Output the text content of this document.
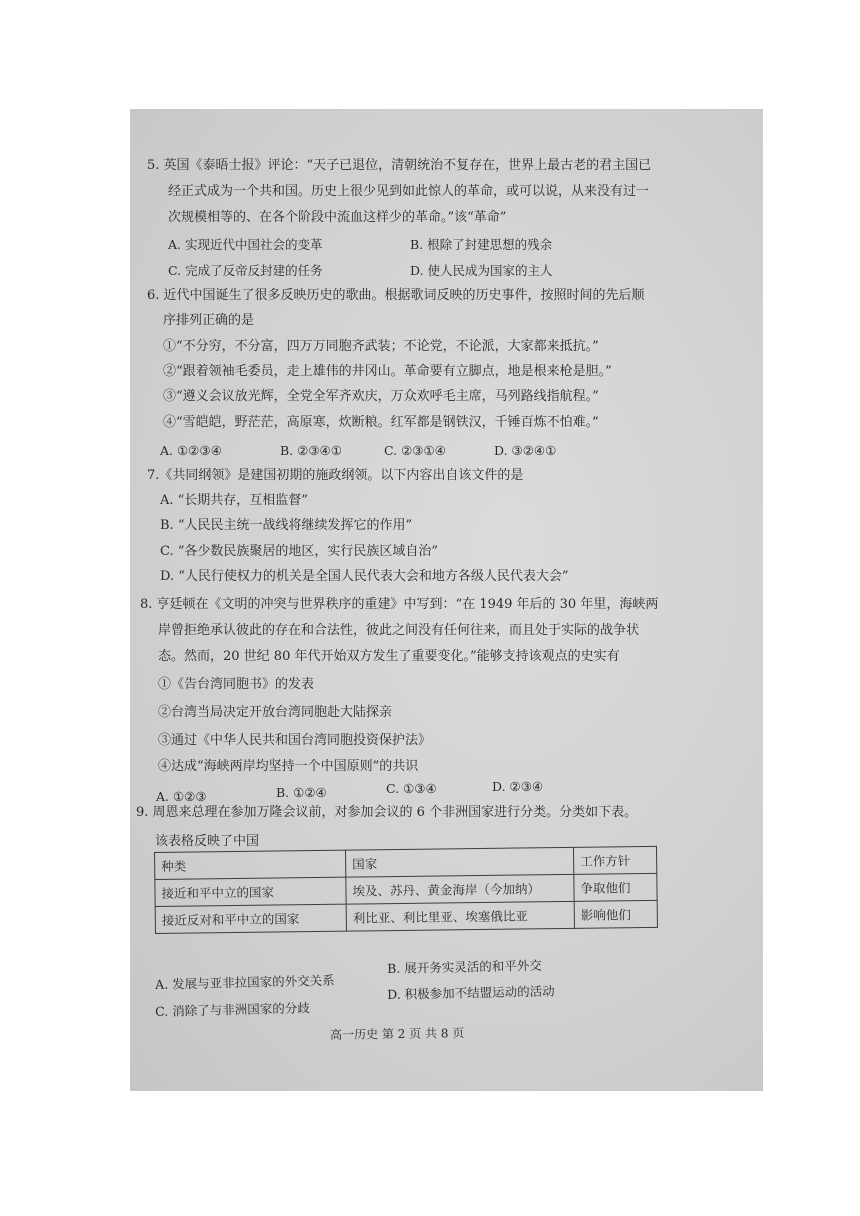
5. 英国《泰晤士报》评论：“天子已退位，清朝统治不复存在，世界上最古老的君主国已
经正式成为一个共和国。历史上很少见到如此惊人的革命，或可以说，从来没有过一
次规模相等的、在各个阶段中流血这样少的革命。”该“革命”
A. 实现近代中国社会的变革	B. 根除了封建思想的残余
C. 完成了反帝反封建的任务	D. 使人民成为国家的主人
6. 近代中国诞生了很多反映历史的歌曲。根据歌词反映的历史事件，按照时间的先后顺
序排列正确的是
①“不分穷，不分富，四万万同胞齐武装；不论党，不论派，大家都来抵抗。”
②“跟着领袖毛委员，走上雄伟的井冈山。革命要有立脚点，地是根来枪是胆。”
③“遵义会议放光辉，全党全军齐欢庆，万众欢呼毛主席，马列路线指航程。”
④“雪皑皑，野茫茫，高原寒，炊断粮。红军都是钢铁汉，千锤百炼不怕难。”
A. ①②③④	B. ②③④①	C. ②③①④	D. ③②④①
7.《共同纲领》是建国初期的施政纲领。以下内容出自该文件的是
A. “长期共存，互相监督”
B. “人民民主统一战线将继续发挥它的作用”
C. “各少数民族聚居的地区，实行民族区域自治”
D. “人民行使权力的机关是全国人民代表大会和地方各级人民代表大会”
8. 亨廷顿在《文明的冲突与世界秩序的重建》中写到：“在 1949 年后的 30 年里，海峡两
岸曾拒绝承认彼此的存在和合法性，彼此之间没有任何往来，而且处于实际的战争状
态。然而，20 世纪 80 年代开始双方发生了重要变化。”能够支持该观点的史实有
①《告台湾同胞书》的发表
②台湾当局决定开放台湾同胞赴大陆探亲
③通过《中华人民共和国台湾同胞投资保护法》
④达成“海峡两岸均坚持一个中国原则”的共识
A. ①②③	B. ①②④	C. ①③④	D. ②③④
9. 周恩来总理在参加万隆会议前，对参加会议的 6 个非洲国家进行分类。分类如下表。
该表格反映了中国
种类	国家	工作方针
接近和平中立的国家	埃及、苏丹、黄金海岸（今加纳）	争取他们
接近反对和平中立的国家	利比亚、利比里亚、埃塞俄比亚	影响他们
A. 发展与亚非拉国家的外交关系
B. 展开务实灵活的和平外交
C. 消除了与非洲国家的分歧
D. 积极参加不结盟运动的活动
高一历史 第 2 页 共 8 页
